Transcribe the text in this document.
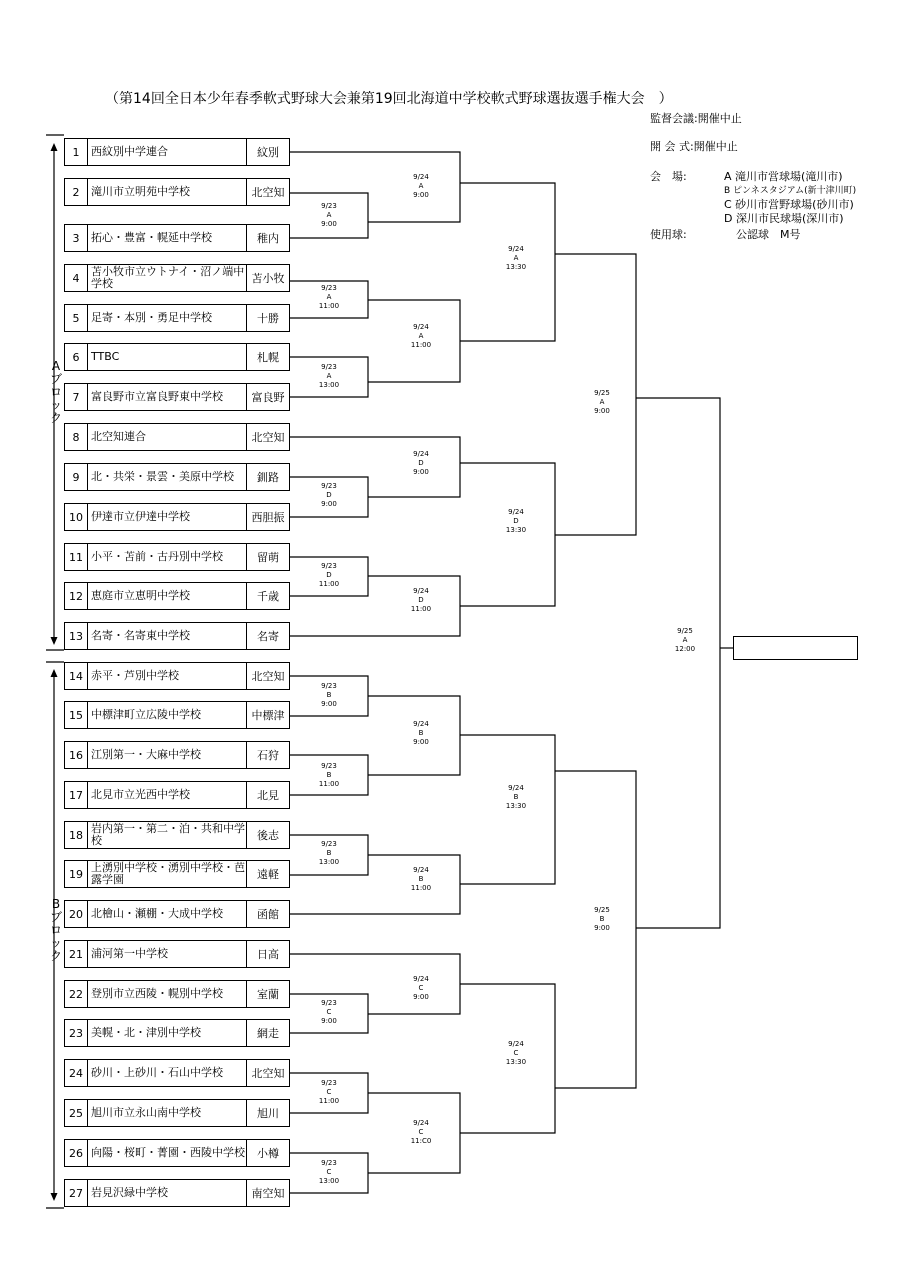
（第14回全日本少年春季軟式野球大会兼第19回北海道中学校軟式野球選抜選手権大会　）
監督会議:開催中止
開 会 式:開催中止
会　場:	A 滝川市営球場(滝川市)
B ピンネスタジアム(新十津川町)
C 砂川市営野球場(砂川市)
D 深川市民球場(深川市)
使用球:	公認球　M号
1	西紋別中学連合	紋別
2	滝川市立明苑中学校	北空知
3	拓心・豊富・幌延中学校	稚内
4	苫小牧市立ウトナイ・沼ノ端中学校	苫小牧
5	足寄・本別・勇足中学校	十勝
6	TTBC	札幌
7	富良野市立富良野東中学校	富良野
8	北空知連合	北空知
9	北・共栄・景雲・美原中学校	釧路
10 伊達市立伊達中学校	西胆振
11 小平・苫前・古丹別中学校	留萌
12 恵庭市立恵明中学校	千歳
13 名寄・名寄東中学校	名寄
14 赤平・芦別中学校	北空知
15 中標津町立広陵中学校	中標津
16 江別第一・大麻中学校	石狩
17 北見市立光西中学校	北見
18 岩内第一・第二・泊・共和中学校	後志
19 上湧別中学校・湧別中学校・芭露学園	遠軽
20 北檜山・瀬棚・大成中学校	函館
21 浦河第一中学校	日高
22 登別市立西陵・幌別中学校	室蘭
23 美幌・北・津別中学校	網走
24 砂川・上砂川・石山中学校	北空知
25 旭川市立永山南中学校	旭川
26 向陽・桜町・菁園・西陵中学校	小樽
27 岩見沢緑中学校	南空知
9/23
A
9:00
9/23
A
11:00
9/23
A
13:00
9/23
D
9:00
9/23
D
11:00
9/23
B
9:00
9/23
B
11:00
9/23
B
13:00
9/23
C
9:00
9/23
C
11:00
9/23
C
13:00
9/24
A
9:00
9/24
A
11:00
9/24
D
9:00
9/24
D
11:00
9/24
B
9:00
9/24
B
11:00
9/24
C
9:00
9/24
C
11:C0
9/24
A
13:30
9/24
D
13:30
9/24
B
13:30
9/24
C
13:30
9/25
A
9:00
9/25
B
9:00
9/25
A
12:00
Aブロック
Bブロック
